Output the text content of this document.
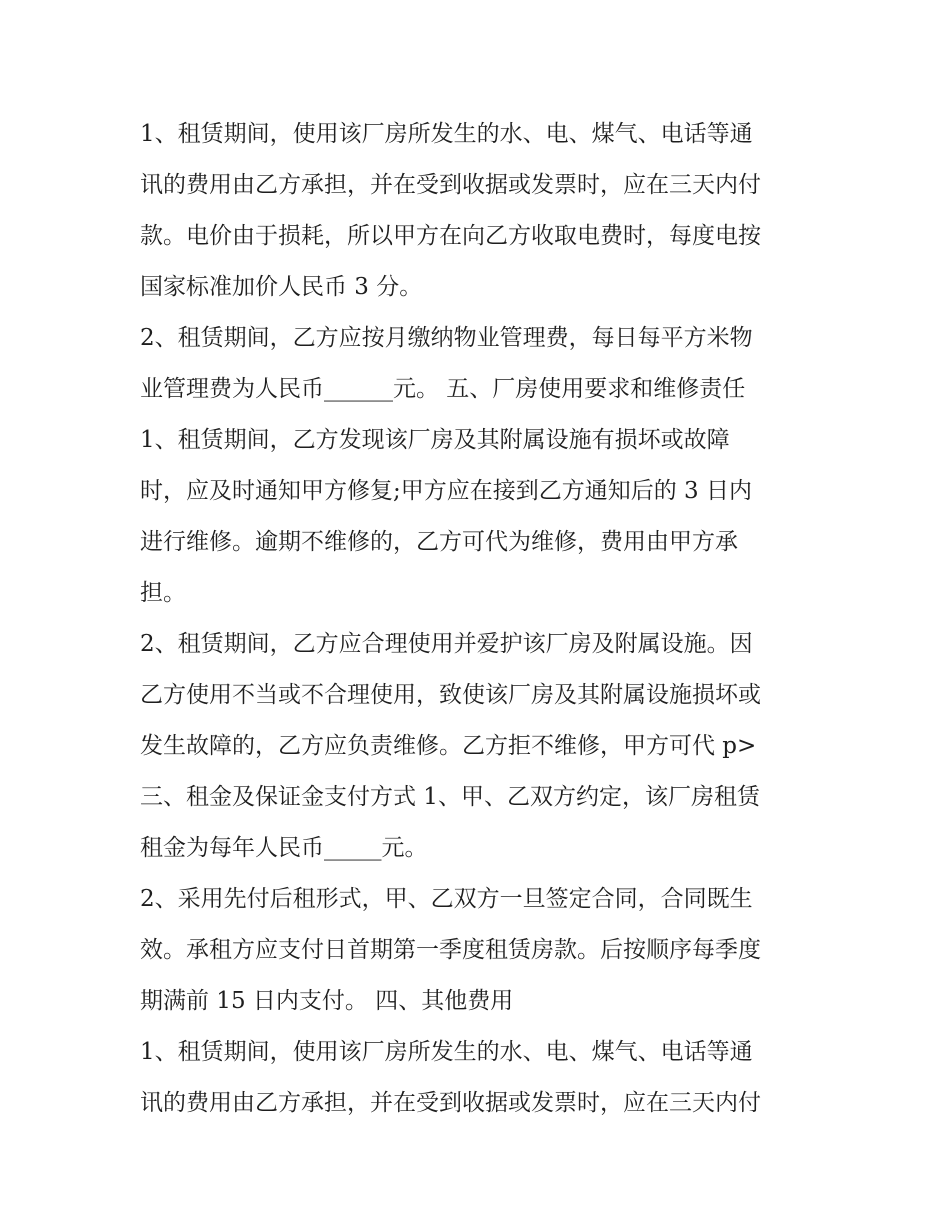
1、租赁期间，使用该厂房所发生的水、电、煤气、电话等通
讯的费用由乙方承担，并在受到收据或发票时，应在三天内付
款。电价由于损耗，所以甲方在向乙方收取电费时，每度电按
国家标准加价人民币 3 分。
2、租赁期间，乙方应按月缴纳物业管理费，每日每平方米物
业管理费为人民币______元。 五、厂房使用要求和维修责任
1、租赁期间，乙方发现该厂房及其附属设施有损坏或故障
时，应及时通知甲方修复;甲方应在接到乙方通知后的 3 日内
进行维修。逾期不维修的，乙方可代为维修，费用由甲方承
担。
2、租赁期间，乙方应合理使用并爱护该厂房及附属设施。因
乙方使用不当或不合理使用，致使该厂房及其附属设施损坏或
发生故障的，乙方应负责维修。乙方拒不维修，甲方可代 p>
三、租金及保证金支付方式 1、甲、乙双方约定，该厂房租赁
租金为每年人民币_____元。
2、采用先付后租形式，甲、乙双方一旦签定合同，合同既生
效。承租方应支付日首期第一季度租赁房款。后按顺序每季度
期满前 15 日内支付。 四、其他费用
1、租赁期间，使用该厂房所发生的水、电、煤气、电话等通
讯的费用由乙方承担，并在受到收据或发票时，应在三天内付
